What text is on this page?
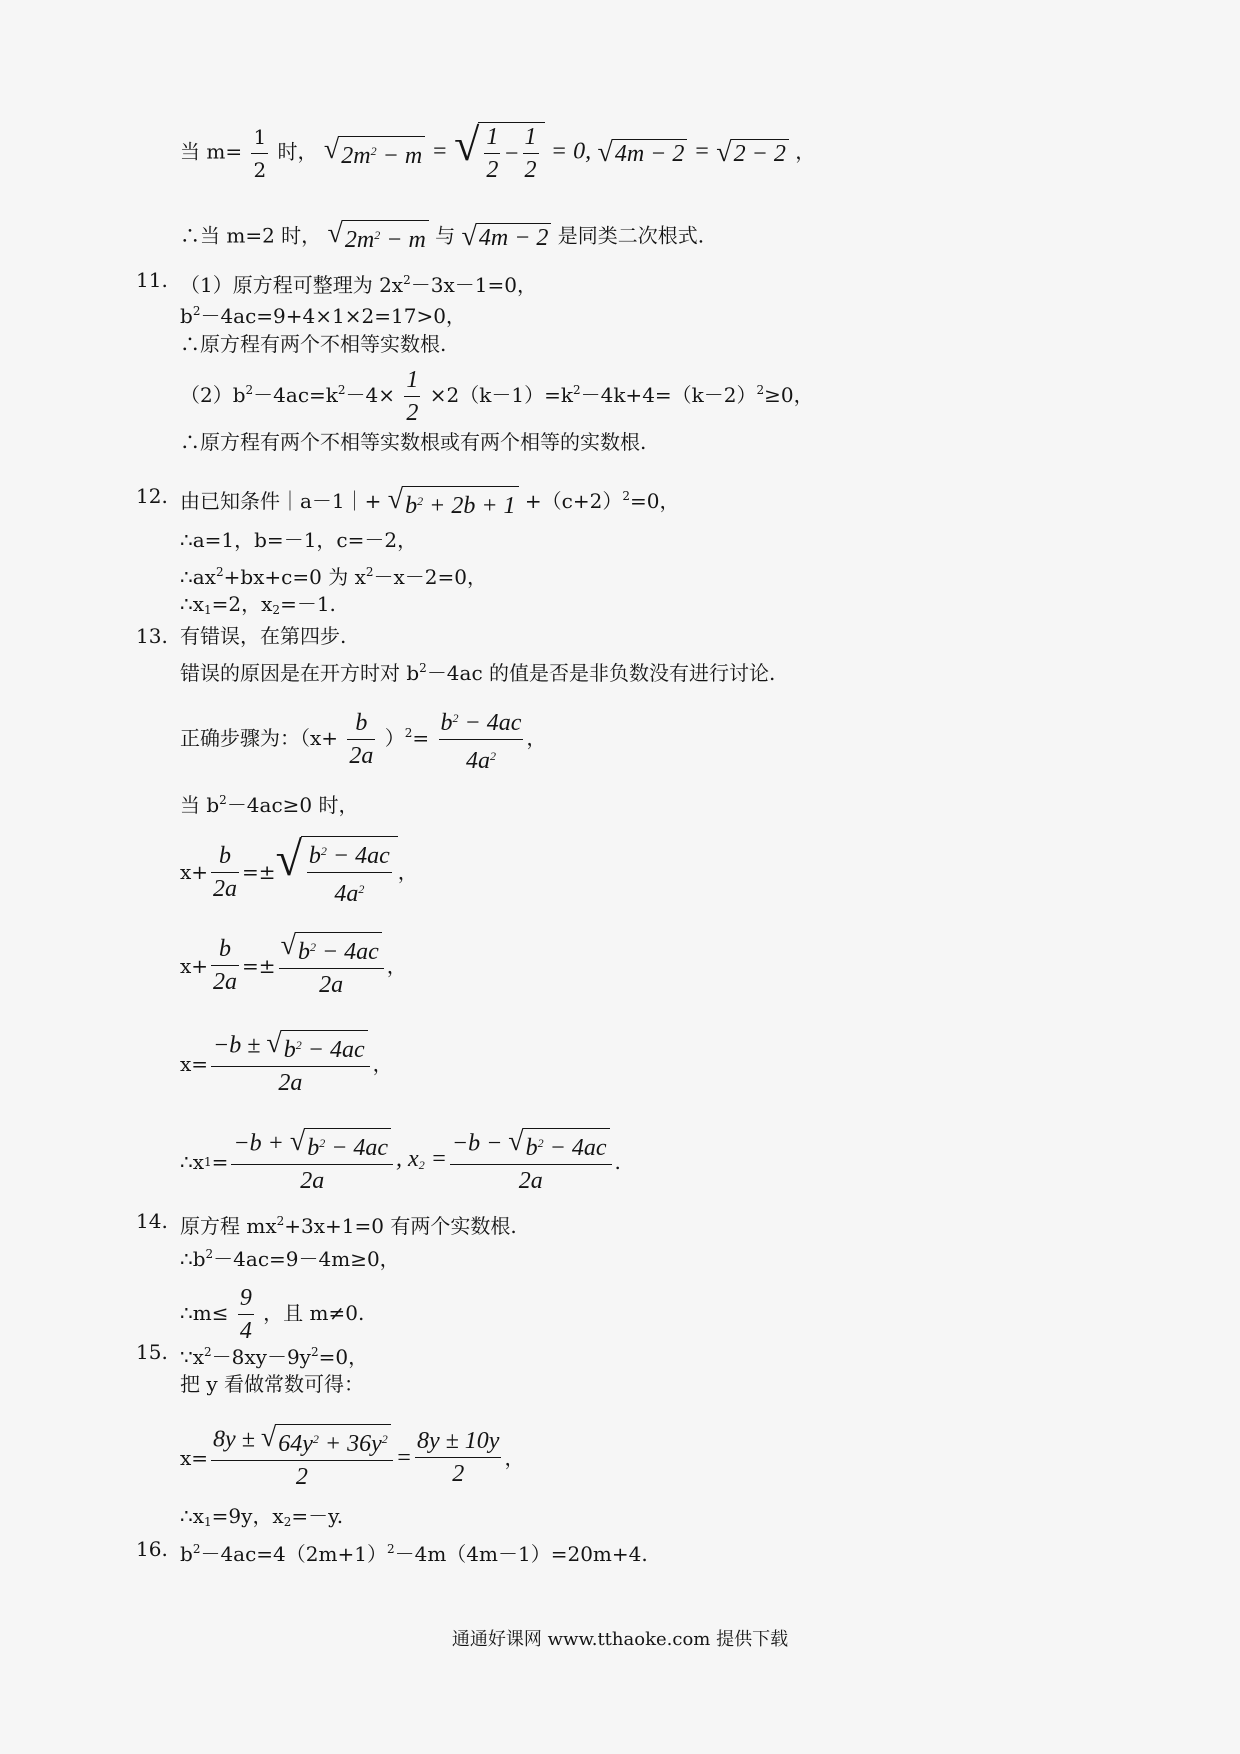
当 $m= \frac{1}{2}$ 时， √ $2m^2 - m$ = √ $\frac{1}{2} - \frac{1}{2} = 0$, √ 4m − 2 = √ 2 − 2 ，
∴当 m=2 时， √ $2m^2 - m$ 与 √ 4m − 2 是同类二次根式.
11. （1）原方程可整理为 $2x^2-3x-1=0$，
$b^2-4ac=9+4\times 1\times 2=17>0$，
∴原方程有两个不相等实数根.
$(2)b^2-4ac=k^2-4\times \frac{1}{2} \times 2(k-1)=k^2-4k+4=(k-2)^2\ge 0$，
∴原方程有两个不相等实数根或有两个相等的实数根.
12. 由已知条件｜a－1｜+ √ $b^2 + 2b + 1 +(c+2)^2=0$，
∴a=1，b=－1，c=－2，
$\therefore ax^2+bx+c=0$ 为 $x^2-x-2=0$，
$\therefore x_1=2$，$x_2=-1$.
13. 有错误，在第四步.
错误的原因是在开方时对 $b^2-4ac$ 的值是否是非负数没有进行讨论.
正确步骤为：$(x+ \frac{b}{2a} )^2= \frac{b^2 - 4ac}{4a^2}$ ，
当 $b^2-4ac\ge 0$ 时，
$x+ \frac{b}{2a}$ =± √ $\frac{b^2 - 4ac}{4a^2}$ ，
$x+ \frac{b}{2a} =\pm \frac{√ b^2 - 4ac}{2a}$ ，
$x= \frac{-b \pm √ b^2 - 4ac}{2a}$ ，
∴x $1 = \frac{-b + √ b^2 - 4ac}{2a}$ , $x_2 = \frac{-b - √ b^2 - 4ac}{2a}$ .
14. 原方程 $mx^2+3x+1=0$ 有两个实数根.
$\therefore b^2-4ac=9-4m\ge 0$，
∴m≤ $\frac{9}{4}$ ，且 m≠0.
15. $\because x^2-8xy-9y^2=0$，
把 y 看做常数可得：
$x= \frac{8y \pm √ 64y^2 + 36y^2}{2} = \frac{8y \pm 10y}{2}$ ，
$\therefore x_1=9y$，$x_2=-y$.
16. $b^2-4ac=4(2m+1)^2-4m(4m-1)=20m+4$.
通通好课网 www.tthaoke.com 提供下载
